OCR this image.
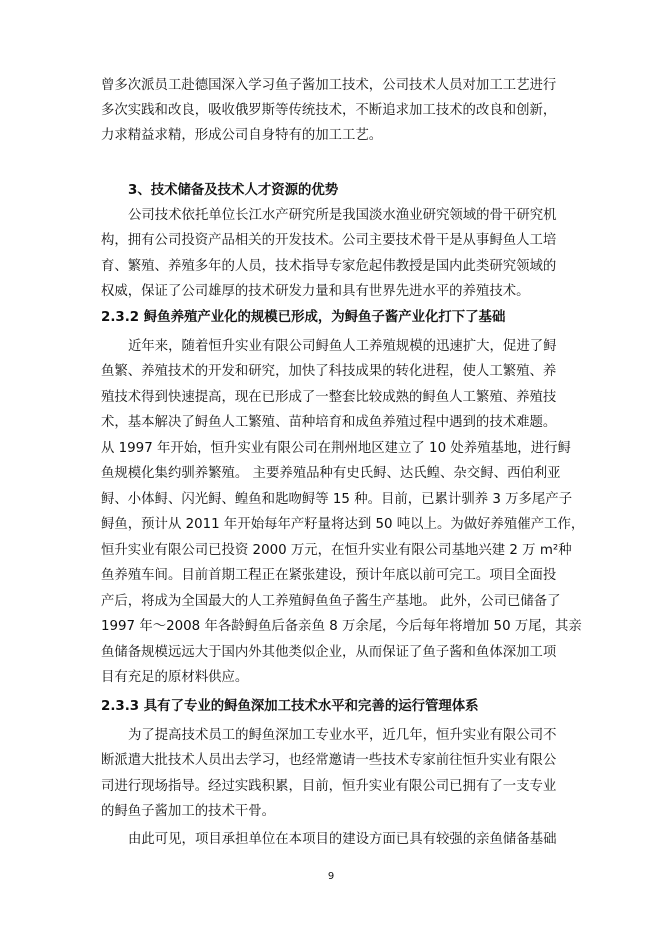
曾多次派员工赴德国深入学习鱼子酱加工技术，公司技术人员对加工工艺进行
多次实践和改良，吸收俄罗斯等传统技术，不断追求加工技术的改良和创新，
力求精益求精，形成公司自身特有的加工工艺。
3、技术储备及技术人才资源的优势
公司技术依托单位长江水产研究所是我国淡水渔业研究领域的骨干研究机
构，拥有公司投资产品相关的开发技术。公司主要技术骨干是从事鲟鱼人工培
育、繁殖、养殖多年的人员，技术指导专家危起伟教授是国内此类研究领域的
权威，保证了公司雄厚的技术研发力量和具有世界先进水平的养殖技术。
2.3.2 鲟鱼养殖产业化的规模已形成，为鲟鱼子酱产业化打下了基础
近年来，随着恒升实业有限公司鲟鱼人工养殖规模的迅速扩大，促进了鲟
鱼繁、养殖技术的开发和研究，加快了科技成果的转化进程，使人工繁殖、养
殖技术得到快速提高，现在已形成了一整套比较成熟的鲟鱼人工繁殖、养殖技
术，基本解决了鲟鱼人工繁殖、苗种培育和成鱼养殖过程中遇到的技术难题。
从 1997 年开始，恒升实业有限公司在荆州地区建立了 10 处养殖基地，进行鲟
鱼规模化集约驯养繁殖。 主要养殖品种有史氏鲟、达氏鳇、杂交鲟、西伯利亚
鲟、小体鲟、闪光鲟、鳇鱼和匙吻鲟等 15 种。目前，已累计驯养 3 万多尾产子
鲟鱼，预计从 2011 年开始每年产籽量将达到 50 吨以上。为做好养殖催产工作，
恒升实业有限公司已投资 2000 万元，在恒升实业有限公司基地兴建 2 万 m²种
鱼养殖车间。目前首期工程正在紧张建设，预计年底以前可完工。项目全面投
产后，将成为全国最大的人工养殖鲟鱼鱼子酱生产基地。 此外，公司已储备了
1997 年～2008 年各龄鲟鱼后备亲鱼 8 万余尾，今后每年将增加 50 万尾，其亲
鱼储备规模远远大于国内外其他类似企业，从而保证了鱼子酱和鱼体深加工项
目有充足的原材料供应。
2.3.3 具有了专业的鲟鱼深加工技术水平和完善的运行管理体系
为了提高技术员工的鲟鱼深加工专业水平，近几年，恒升实业有限公司不
断派遣大批技术人员出去学习，也经常邀请一些技术专家前往恒升实业有限公
司进行现场指导。经过实践积累，目前，恒升实业有限公司已拥有了一支专业
的鲟鱼子酱加工的技术干骨。
由此可见，项目承担单位在本项目的建设方面已具有较强的亲鱼储备基础
9
